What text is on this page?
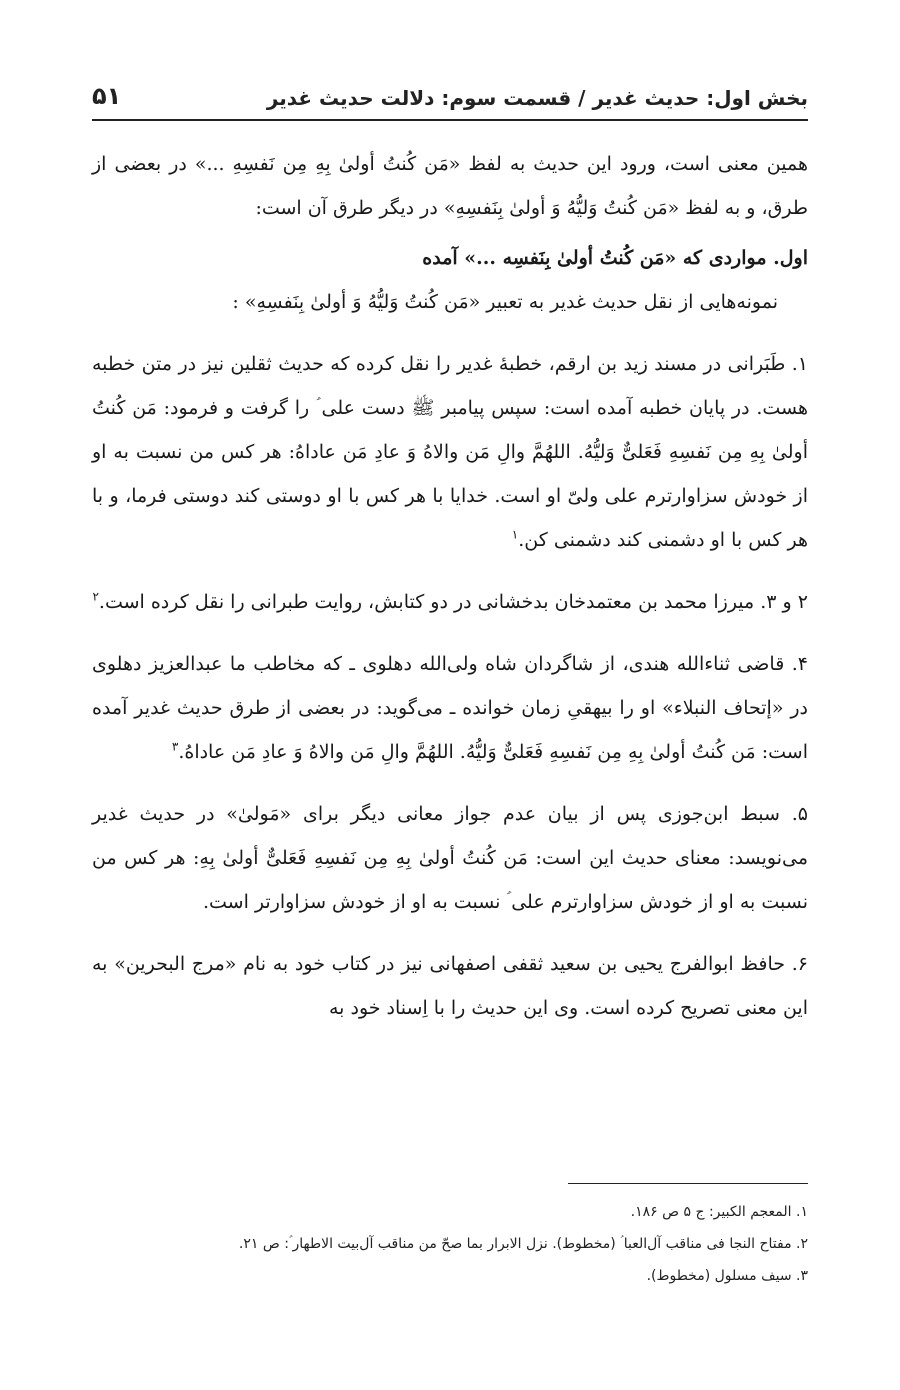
بخش اول: حدیث غدیر / قسمت سوم: دلالت حدیث غدیر
۵۱

همین معنی است، ورود این حدیث به لفظ «مَن کُنتُ أولیٰ بِهِ مِن نَفسِهِ ...» در بعضی از طرق، و به لفظ «مَن کُنتُ وَلیُّهُ وَ أولیٰ بِنَفسِهِ» در دیگر طرق آن است:

اول. مواردی که «مَن کُنتُ أولیٰ بِنَفسِه ...» آمده

نمونه‌هایی از نقل حدیث غدیر به تعبیر «مَن کُنتُ وَلیُّهُ وَ أولیٰ بِنَفسِهِ» :

۱. طَبَرانی در مسند زید بن ارقم، خطبهٔ غدیر را نقل کرده که حدیث ثقلین نیز در متن خطبه هست. در پایان خطبه آمده است: سپس پیامبر ﷺ دست علی ؑ را گرفت و فرمود: مَن کُنتُ أولیٰ بِهِ مِن نَفسِهِ فَعَلیٌّ وَلیُّهُ. اللهُمَّ والِ مَن والاهُ وَ عادِ مَن عاداهُ: هر کس من نسبت به او از خودش سزاوارترم علی ولیّ او است. خدایا با هر کس با او دوستی کند دوستی فرما، و با هر کس با او دشمنی کند دشمنی کن.$^۱$

۲ و ۳. میرزا محمد بن معتمدخان بدخشانی در دو کتابش، روایت طبرانی را نقل کرده است.$^۲$

۴. قاضی ثناءالله هندی، از شاگردان شاه ولی‌الله دهلوی ـ که مخاطب ما عبدالعزیز دهلوی در «إتحاف النبلاء» او را بیهقیِ زمان خوانده ـ می‌گوید: در بعضی از طرق حدیث غدیر آمده است: مَن کُنتُ أولیٰ بِهِ مِن نَفسِهِ فَعَلیٌّ وَلیُّهُ. اللهُمَّ والِ مَن والاهُ وَ عادِ مَن عاداهُ.$^۳$

۵. سبط ابن‌جوزی پس از بیان عدم جواز معانی دیگر برای «مَولیٰ» در حدیث غدیر می‌نویسد: معنای حدیث این است: مَن کُنتُ أولیٰ بِهِ مِن نَفسِهِ فَعَلیٌّ أولیٰ بِهِ: هر کس من نسبت به او از خودش سزاوارترم علی ؑ نسبت به او از خودش سزاوارتر است.

۶. حافظ ابوالفرج یحیی بن سعید ثقفی اصفهانی نیز در کتاب خود به نام «مرج البحرین» به این معنی تصریح کرده است. وی این حدیث را با اِسناد خود به

۱. المعجم الکبیر: ج ۵ ص ۱۸۶.

۲. مفتاح النجا فی مناقب آل‌العبا ؑ (مخطوط). نزل الابرار بما صحّ من مناقب آل‌بیت الاطهار ؑ: ص ۲۱.

۳. سیف مسلول (مخطوط).
